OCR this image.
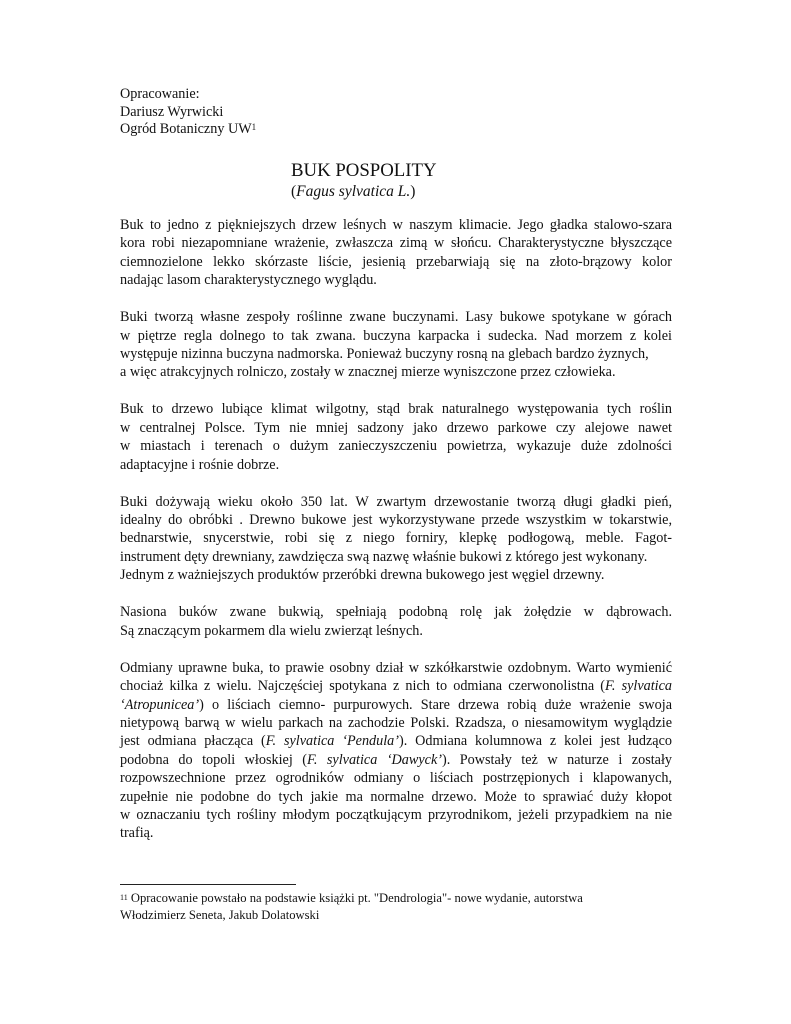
Opracowanie:
Dariusz Wyrwicki
Ogród Botaniczny $UW^1$
BUK POSPOLITY
(Fagus sylvatica L.)

Buk to jedno z piękniejszych drzew leśnych w naszym klimacie. Jego gładka stalowo-szara
kora robi niezapomniane wrażenie, zwłaszcza zimą w słońcu. Charakterystyczne błyszczące
ciemnozielone lekko skórzaste liście, jesienią przebarwiają się na złoto-brązowy kolor
nadając lasom charakterystycznego wyglądu.

Buki tworzą własne zespoły roślinne zwane buczynami. Lasy bukowe spotykane w górach
w piętrze regla dolnego to tak zwana. buczyna karpacka i sudecka. Nad morzem z kolei
występuje nizinna buczyna nadmorska. Ponieważ buczyny rosną na glebach bardzo żyznych,
a więc atrakcyjnych rolniczo, zostały w znacznej mierze wyniszczone przez człowieka.

Buk to drzewo lubiące klimat wilgotny, stąd brak naturalnego występowania tych roślin
w centralnej Polsce. Tym nie mniej sadzony jako drzewo parkowe czy alejowe nawet
w miastach i terenach o dużym zanieczyszczeniu powietrza, wykazuje duże zdolności
adaptacyjne i rośnie dobrze.

Buki dożywają wieku około 350 lat. W zwartym drzewostanie tworzą długi gładki pień,
idealny do obróbki . Drewno bukowe jest wykorzystywane przede wszystkim w tokarstwie,
bednarstwie, snycerstwie, robi się z niego forniry, klepkę podłogową, meble. Fagot-
instrument dęty drewniany, zawdzięcza swą nazwę właśnie bukowi z którego jest wykonany.
Jednym z ważniejszych produktów przeróbki drewna bukowego jest węgiel drzewny.

Nasiona buków zwane bukwią, spełniają podobną rolę jak żołędzie w dąbrowach.
Są znaczącym pokarmem dla wielu zwierząt leśnych.

Odmiany uprawne buka, to prawie osobny dział w szkółkarstwie ozdobnym. Warto wymienić
chociaż kilka z wielu. Najczęściej spotykana z nich to odmiana czerwonolistna (F. sylvatica
‘Atropunicea’) o liściach ciemno- purpurowych. Stare drzewa robią duże wrażenie swoja
nietypową barwą w wielu parkach na zachodzie Polski. Rzadsza, o niesamowitym wyglądzie
jest odmiana płacząca (F. sylvatica ‘Pendula’). Odmiana kolumnowa z kolei jest łudząco
podobna do topoli włoskiej (F. sylvatica ‘Dawyck’). Powstały też w naturze i zostały
rozpowszechnione przez ogrodników odmiany o liściach postrzępionych i klapowanych,
zupełnie nie podobne do tych jakie ma normalne drzewo. Może to sprawiać duży kłopot
w oznaczaniu tych rośliny młodym początkującym przyrodnikom, jeżeli przypadkiem na nie
trafią.

$^{11}$ Opracowanie powstało na podstawie książki pt. "Dendrologia"- nowe wydanie, autorstwa
Włodzimierz Seneta, Jakub Dolatowski
